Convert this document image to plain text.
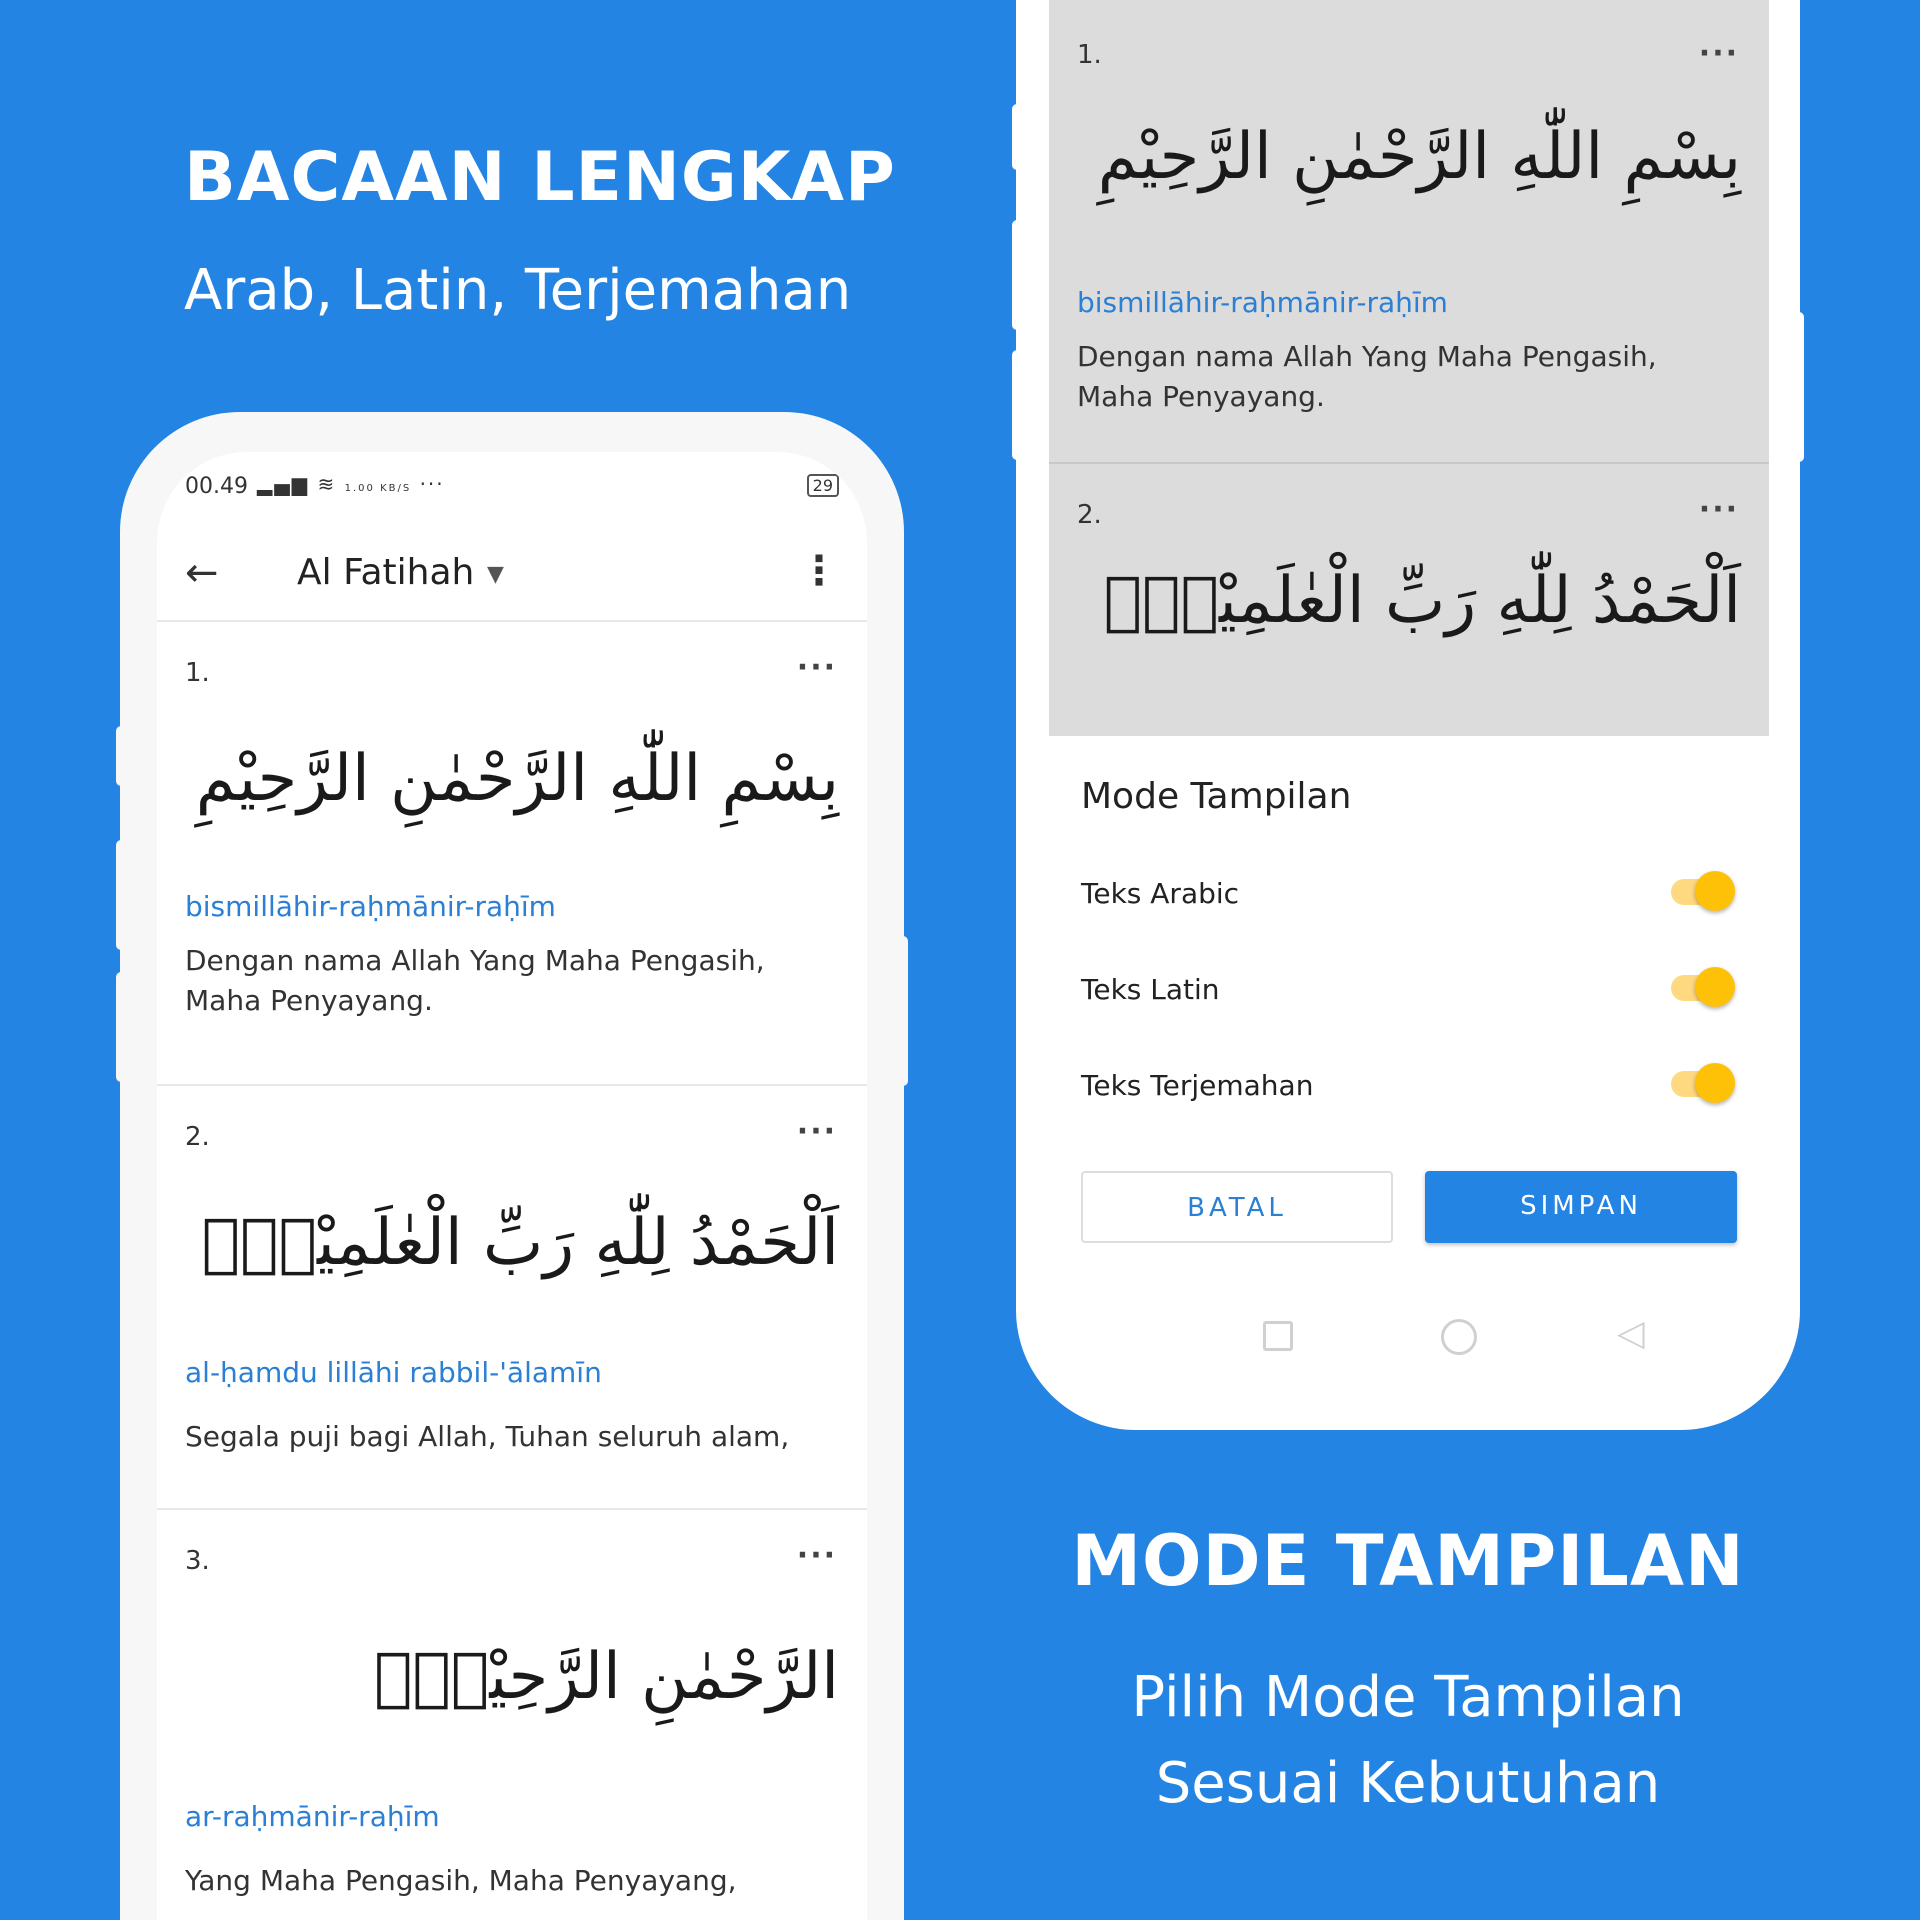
BACAAN LENGKAP
Arab, Latin, Terjemahan
MODE TAMPILAN
Pilih Mode Tampilan
Sesuai Kebutuhan
00.49 ▂▄▆ ≋ 1.00 KB/S ···	29
← Al Fatihah ▼	⋮
1.	···
بِسْمِ اللّٰهِ الرَّحْمٰنِ الرَّحِيْمِ
bismillāhir-raḥmānir-raḥīm
Dengan nama Allah Yang Maha Pengasih, Maha Penyayang.
2.	···
اَلْحَمْدُ لِلّٰهِ رَبِّ الْعٰلَمِيْنَۙ
al-ḥamdu lillāhi rabbil-'ālamīn
Segala puji bagi Allah, Tuhan seluruh alam,
3.	···
الرَّحْمٰنِ الرَّحِيْمِۙ
ar-raḥmānir-raḥīm
Yang Maha Pengasih, Maha Penyayang,
1.	···
بِسْمِ اللّٰهِ الرَّحْمٰنِ الرَّحِيْمِ
bismillāhir-raḥmānir-raḥīm
Dengan nama Allah Yang Maha Pengasih, Maha Penyayang.
2.	···
اَلْحَمْدُ لِلّٰهِ رَبِّ الْعٰلَمِيْنَۙ
Mode Tampilan
Teks Arabic
Teks Latin
Teks Terjemahan
BATAL	SIMPAN
◁
